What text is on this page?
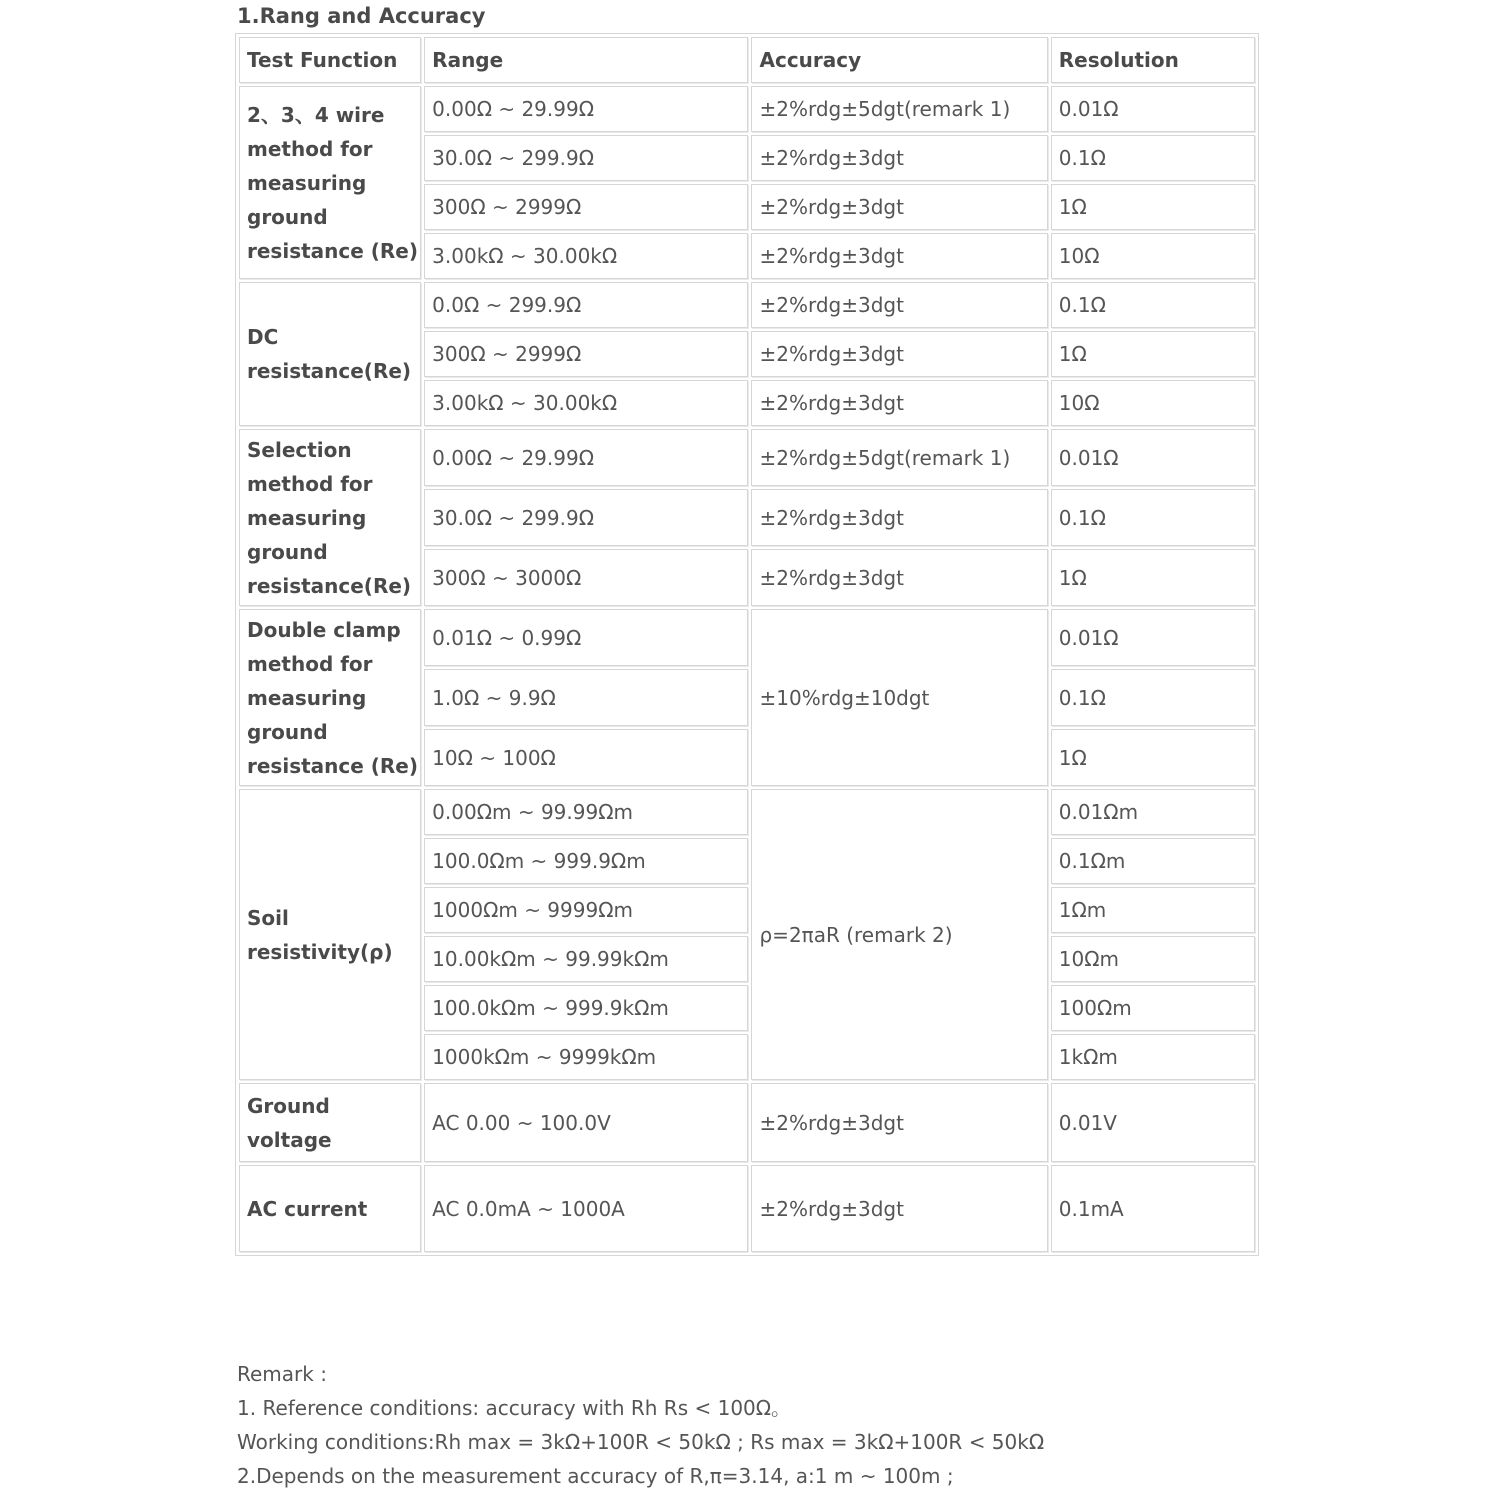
1.Rang and Accuracy
Test Function	Range	Accuracy	Resolution
2、3、4 wire method for measuring ground resistance (Re)	0.00Ω ~ 29.99Ω	±2%rdg±5dgt(remark 1)	0.01Ω
	30.0Ω ~ 299.9Ω	±2%rdg±3dgt	0.1Ω
	300Ω ~ 2999Ω	±2%rdg±3dgt	1Ω
	3.00kΩ ~ 30.00kΩ	±2%rdg±3dgt	10Ω
DC resistance(Re)	0.0Ω ~ 299.9Ω	±2%rdg±3dgt	0.1Ω
	300Ω ~ 2999Ω	±2%rdg±3dgt	1Ω
	3.00kΩ ~ 30.00kΩ	±2%rdg±3dgt	10Ω
Selection method for measuring ground resistance(Re)	0.00Ω ~ 29.99Ω	±2%rdg±5dgt(remark 1)	0.01Ω
	30.0Ω ~ 299.9Ω	±2%rdg±3dgt	0.1Ω
	300Ω ~ 3000Ω	±2%rdg±3dgt	1Ω
Double clamp method for measuring ground resistance (Re)	0.01Ω ~ 0.99Ω	±10%rdg±10dgt	0.01Ω
	1.0Ω ~ 9.9Ω		0.1Ω
	10Ω ~ 100Ω		1Ω
Soil resistivity(ρ)	0.00Ωm ~ 99.99Ωm	ρ=2πaR (remark 2)	0.01Ωm
	100.0Ωm ~ 999.9Ωm		0.1Ωm
	1000Ωm ~ 9999Ωm		1Ωm
	10.00kΩm ~ 99.99kΩm		10Ωm
	100.0kΩm ~ 999.9kΩm		100Ωm
	1000kΩm ~ 9999kΩm		1kΩm
Ground voltage	AC 0.00 ~ 100.0V	±2%rdg±3dgt	0.01V
AC current	AC 0.0mA ~ 1000A	±2%rdg±3dgt	0.1mA
Remark :
1. Reference conditions: accuracy with Rh Rs < 100Ω。
Working conditions:Rh max = 3kΩ+100R < 50kΩ ; Rs max = 3kΩ+100R < 50kΩ
2.Depends on the measurement accuracy of R,π=3.14, a:1 m ~ 100m ;
